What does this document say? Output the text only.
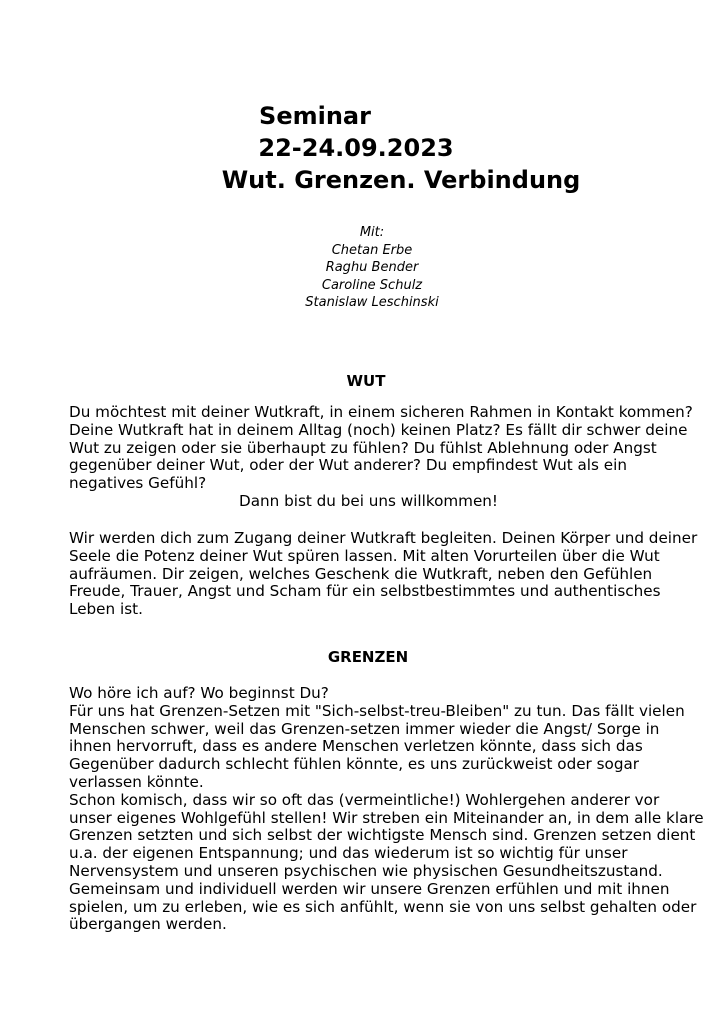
Seminar

22-24.09.2023

Wut. Grenzen. Verbindung

Mit:
Chetan Erbe
Raghu Bender
Caroline Schulz
Stanislaw Leschinski

WUT

Du möchtest mit deiner Wutkraft, in einem sicheren Rahmen in Kontakt kommen?
Deine Wutkraft hat in deinem Alltag (noch) keinen Platz? Es fällt dir schwer deine
Wut zu zeigen oder sie überhaupt zu fühlen? Du fühlst Ablehnung oder Angst
gegenüber deiner Wut, oder der Wut anderer? Du empfindest Wut als ein
negatives Gefühl?
Dann bist du bei uns willkommen!
Wir werden dich zum Zugang deiner Wutkraft begleiten. Deinen Körper und deiner
Seele die Potenz deiner Wut spüren lassen. Mit alten Vorurteilen über die Wut
aufräumen. Dir zeigen, welches Geschenk die Wutkraft, neben den Gefühlen
Freude, Trauer, Angst und Scham für ein selbstbestimmtes und authentisches
Leben ist.

GRENZEN

Wo höre ich auf? Wo beginnst Du?
Für uns hat Grenzen-Setzen mit "Sich-selbst-treu-Bleiben" zu tun. Das fällt vielen
Menschen schwer, weil das Grenzen-setzen immer wieder die Angst/ Sorge in
ihnen hervorruft, dass es andere Menschen verletzen könnte, dass sich das
Gegenüber dadurch schlecht fühlen könnte, es uns zurückweist oder sogar
verlassen könnte.
Schon komisch, dass wir so oft das (vermeintliche!) Wohlergehen anderer vor
unser eigenes Wohlgefühl stellen! Wir streben ein Miteinander an, in dem alle klare
Grenzen setzten und sich selbst der wichtigste Mensch sind. Grenzen setzen dient
u.a. der eigenen Entspannung; und das wiederum ist so wichtig für unser
Nervensystem und unseren psychischen wie physischen Gesundheitszustand.
Gemeinsam und individuell werden wir unsere Grenzen erfühlen und mit ihnen
spielen, um zu erleben, wie es sich anfühlt, wenn sie von uns selbst gehalten oder
übergangen werden.
